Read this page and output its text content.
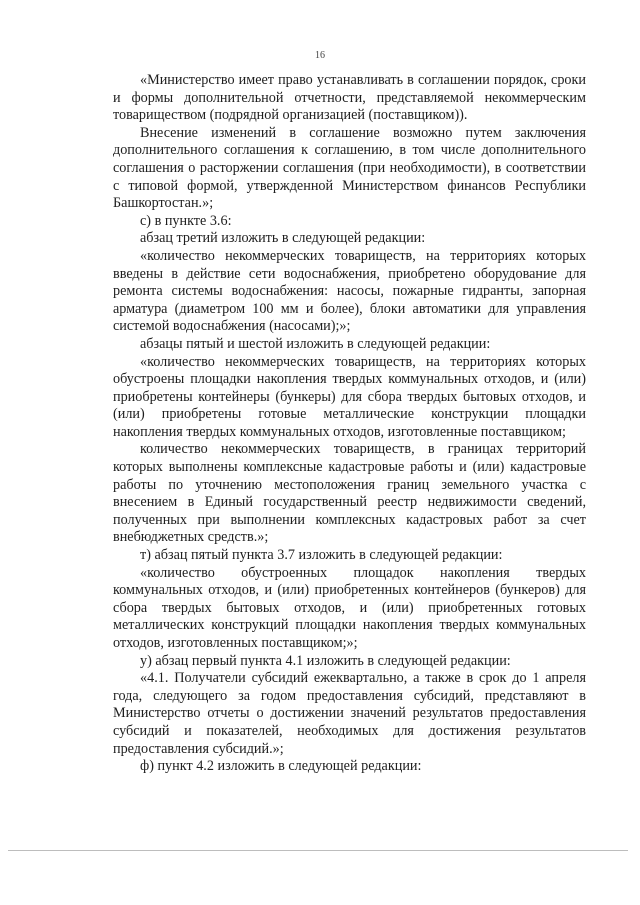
16

«Министерство имеет право устанавливать в соглашении порядок, сроки и формы дополнительной отчетности, представляемой некоммерческим товариществом (подрядной организацией (поставщиком)).

Внесение изменений в соглашение возможно путем заключения дополнительного соглашения к соглашению, в том числе дополнительного соглашения о расторжении соглашения (при необходимости), в соответствии с типовой формой, утвержденной Министерством финансов Республики Башкортостан.»;

с) в пункте 3.6:

абзац третий изложить в следующей редакции:

«количество некоммерческих товариществ, на территориях которых введены в действие сети водоснабжения, приобретено оборудование для ремонта системы водоснабжения: насосы, пожарные гидранты, запорная арматура (диаметром 100 мм и более), блоки автоматики для управления системой водоснабжения (насосами);»;

абзацы пятый и шестой изложить в следующей редакции:

«количество некоммерческих товариществ, на территориях которых обустроены площадки накопления твердых коммунальных отходов, и (или) приобретены контейнеры (бункеры) для сбора твердых бытовых отходов, и (или) приобретены готовые металлические конструкции площадки накопления твердых коммунальных отходов, изготовленные поставщиком;

количество некоммерческих товариществ, в границах территорий которых выполнены комплексные кадастровые работы и (или) кадастровые работы по уточнению местоположения границ земельного участка с внесением в Единый государственный реестр недвижимости сведений, полученных при выполнении комплексных кадастровых работ за счет внебюджетных средств.»;

т) абзац пятый пункта 3.7 изложить в следующей редакции:

«количество обустроенных площадок накопления твердых коммунальных отходов, и (или) приобретенных контейнеров (бункеров) для сбора твердых бытовых отходов, и (или) приобретенных готовых металлических конструкций площадки накопления твердых коммунальных отходов, изготовленных поставщиком;»;

у) абзац первый пункта 4.1 изложить в следующей редакции:

«4.1. Получатели субсидий ежеквартально, а также в срок до 1 апреля года, следующего за годом предоставления субсидий, представляют в Министерство отчеты о достижении значений результатов предоставления субсидий и показателей, необходимых для достижения результатов предоставления субсидий.»;

ф) пункт 4.2 изложить в следующей редакции:
